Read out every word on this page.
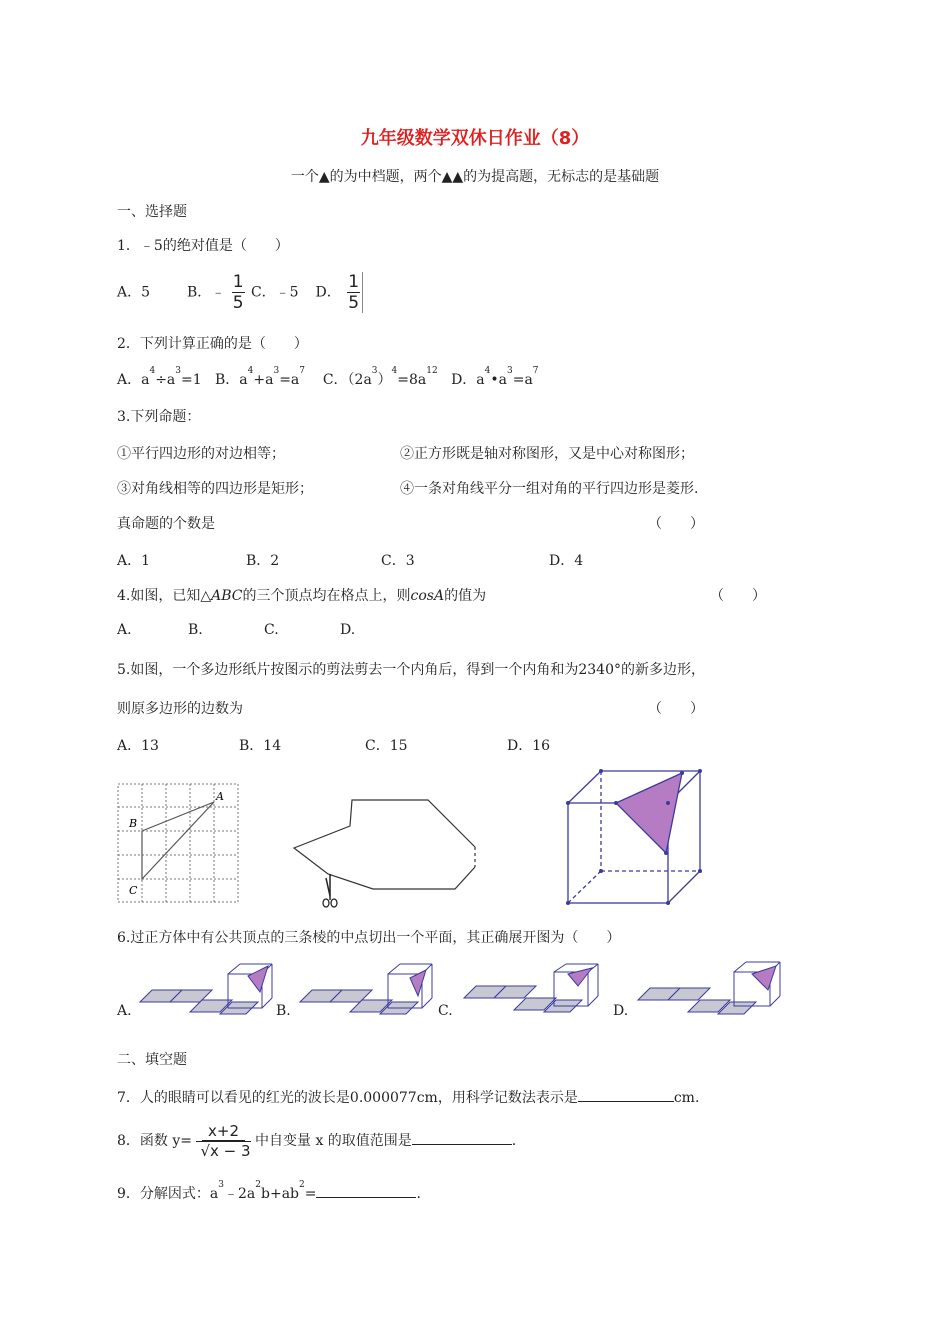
九年级数学双休日作业（8）
一个▲的为中档题，两个▲▲的为提高题，无标志的是基础题
一、选择题
1．﹣5的绝对值是（　　）
A．5	B．﹣ $\frac{1}{5}$ C．﹣5 D． $\frac{1}{5}$
2．下列计算正确的是（　　）
A．$a^4\div a^3=1$ B．$a^4+a^3=a^7$    C．$(2a^3)^4=8a^{12}$   D．$a^4•a^3=a^7$
3.下列命题：
①平行四边形的对边相等；	②正方形既是轴对称图形，又是中心对称图形；
③对角线相等的四边形是矩形；	④一条对角线平分一组对角的平行四边形是菱形.
真命题的个数是	（　　）
A．1	B．2	C．3	D．4
4.如图，已知△ABC的三个顶点均在格点上，则cosA的值为	（　　）
A.	B.	C.	D.
5.如图，一个多边形纸片按图示的剪法剪去一个内角后，得到一个内角和为2340°的新多边形，
则原多边形的边数为	（　　）
A．13	B．14	C．15	D．16
A
B
C
6.过正方体中有公共顶点的三条棱的中点切出一个平面，其正确展开图为（　　）
A.	B.	C.	D.
二、填空题
7．人的眼睛可以看见的红光的波长是0.000077cm，用科学记数法表示是	cm.
8．函数 $y= \frac{x+2}{√x - 3}$ 中自变量 x 的取值范围是	.
9．分解因式：$a^3﹣2a^2b+ab^2=$	.
